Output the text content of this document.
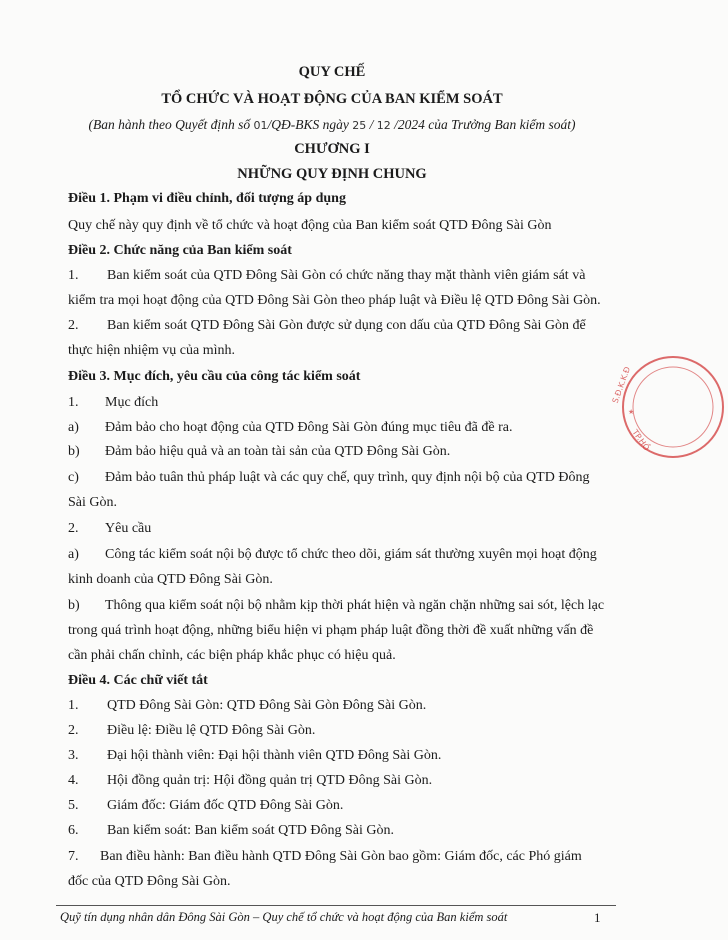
QUY CHẾ
TỔ CHỨC VÀ HOẠT ĐỘNG CỦA BAN KIỂM SOÁT
(Ban hành theo Quyết định số 01/QĐ-BKS ngày 25 / 12 /2024 của Trưởng Ban kiểm soát)
CHƯƠNG I
NHỮNG QUY ĐỊNH CHUNG
Điều 1. Phạm vi điều chỉnh, đối tượng áp dụng
Quy chế này quy định về tổ chức và hoạt động của Ban kiểm soát QTD Đông Sài Gòn
Điều 2. Chức năng của Ban kiểm soát
1. Ban kiểm soát của QTD Đông Sài Gòn có chức năng thay mặt thành viên giám sát và
kiểm tra mọi hoạt động của QTD Đông Sài Gòn theo pháp luật và Điều lệ QTD Đông Sài Gòn.
2. Ban kiểm soát QTD Đông Sài Gòn được sử dụng con dấu của QTD Đông Sài Gòn để
thực hiện nhiệm vụ của mình.
Điều 3. Mục đích, yêu cầu của công tác kiểm soát
1. Mục đích
a) Đảm bảo cho hoạt động của QTD Đông Sài Gòn đúng mục tiêu đã đề ra.
b) Đảm bảo hiệu quả và an toàn tài sản của QTD Đông Sài Gòn.
c) Đảm bảo tuân thủ pháp luật và các quy chế, quy trình, quy định nội bộ của QTD Đông
Sài Gòn.
2. Yêu cầu
a) Công tác kiểm soát nội bộ được tổ chức theo dõi, giám sát thường xuyên mọi hoạt động
kinh doanh của QTD Đông Sài Gòn.
b) Thông qua kiểm soát nội bộ nhằm kịp thời phát hiện và ngăn chặn những sai sót, lệch lạc
trong quá trình hoạt động, những biểu hiện vi phạm pháp luật đồng thời đề xuất những vấn đề
cần phải chấn chỉnh, các biện pháp khắc phục có hiệu quả.
Điều 4. Các chữ viết tắt
1. QTD Đông Sài Gòn: QTD Đông Sài Gòn Đông Sài Gòn.
2. Điều lệ: Điều lệ QTD Đông Sài Gòn.
3. Đại hội thành viên: Đại hội thành viên QTD Đông Sài Gòn.
4. Hội đồng quản trị: Hội đồng quản trị QTD Đông Sài Gòn.
5. Giám đốc: Giám đốc QTD Đông Sài Gòn.
6. Ban kiểm soát: Ban kiểm soát QTD Đông Sài Gòn.
7. Ban điều hành: Ban điều hành QTD Đông Sài Gòn bao gồm: Giám đốc, các Phó giám
đốc của QTD Đông Sài Gòn.
Quỹ tín dụng nhân dân Đông Sài Gòn – Quy chế tổ chức và hoạt động của Ban kiểm soát	1
S.Đ.K.K.Đ
TP.HỒ
★
